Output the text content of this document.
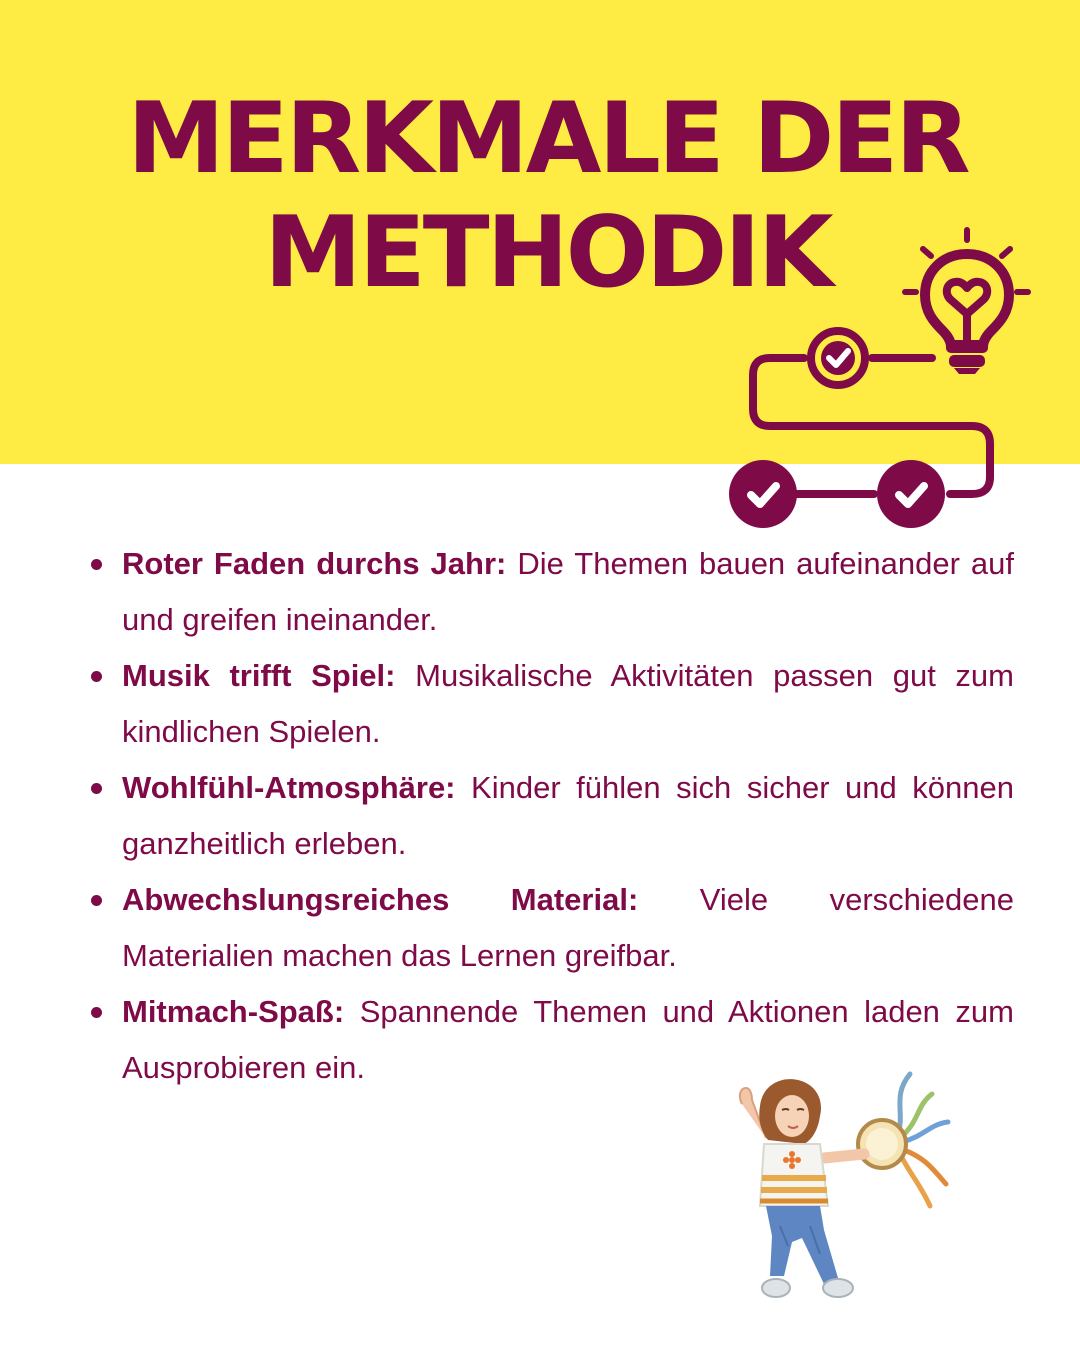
MERKMALE DER
METHODIK
Roter Faden durchs Jahr: Die Themen bauen aufeinander auf und greifen ineinander.
Musik trifft Spiel: Musikalische Aktivitäten passen gut zum kindlichen Spielen.
Wohlfühl-Atmosphäre: Kinder fühlen sich sicher und können ganzheitlich erleben.
Abwechslungsreiches Material: Viele verschiedene Materialien machen das Lernen greifbar.
Mitmach-Spaß: Spannende Themen und Aktionen laden zum Ausprobieren ein.
